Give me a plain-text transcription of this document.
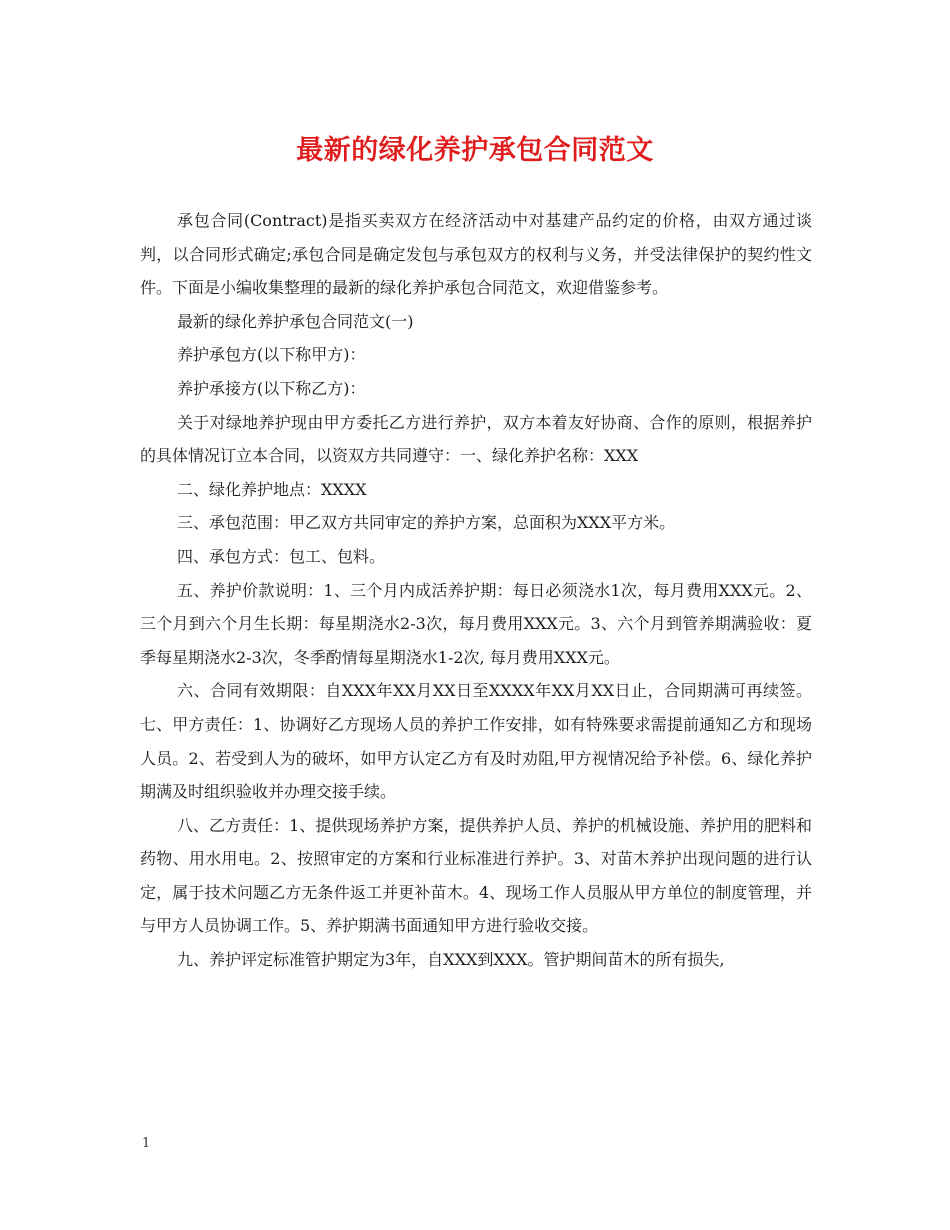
最新的绿化养护承包合同范文

承包合同(Contract)是指买卖双方在经济活动中对基建产品约定的价格，由双方通过谈判，以合同形式确定;承包合同是确定发包与承包双方的权利与义务，并受法律保护的契约性文件。下面是小编收集整理的最新的绿化养护承包合同范文，欢迎借鉴参考。

最新的绿化养护承包合同范文(一)

养护承包方(以下称甲方)：

养护承接方(以下称乙方)：

关于对绿地养护现由甲方委托乙方进行养护，双方本着友好协商、合作的原则，根据养护的具体情况订立本合同，以资双方共同遵守：一、绿化养护名称：XXX

二、绿化养护地点：XXXX

三、承包范围：甲乙双方共同审定的养护方案，总面积为XXX平方米。

四、承包方式：包工、包料。

五、养护价款说明：1、三个月内成活养护期：每日必须浇水1次，每月费用XXX元。2、三个月到六个月生长期：每星期浇水2-3次，每月费用XXX元。3、六个月到管养期满验收：夏季每星期浇水2-3次，冬季酌情每星期浇水1-2次, 每月费用XXX元。

六、合同有效期限：自XXX年XX月XX日至XXXX年XX月XX日止，合同期满可再续签。七、甲方责任：1、协调好乙方现场人员的养护工作安排，如有特殊要求需提前通知乙方和现场人员。2、若受到人为的破坏，如甲方认定乙方有及时劝阻,甲方视情况给予补偿。6、绿化养护期满及时组织验收并办理交接手续。

八、乙方责任：1、提供现场养护方案，提供养护人员、养护的机械设施、养护用的肥料和药物、用水用电。2、按照审定的方案和行业标准进行养护。3、对苗木养护出现问题的进行认定，属于技术问题乙方无条件返工并更补苗木。4、现场工作人员服从甲方单位的制度管理，并与甲方人员协调工作。5、养护期满书面通知甲方进行验收交接。

九、养护评定标准管护期定为3年，自XXX到XXX。管护期间苗木的所有损失,

1
